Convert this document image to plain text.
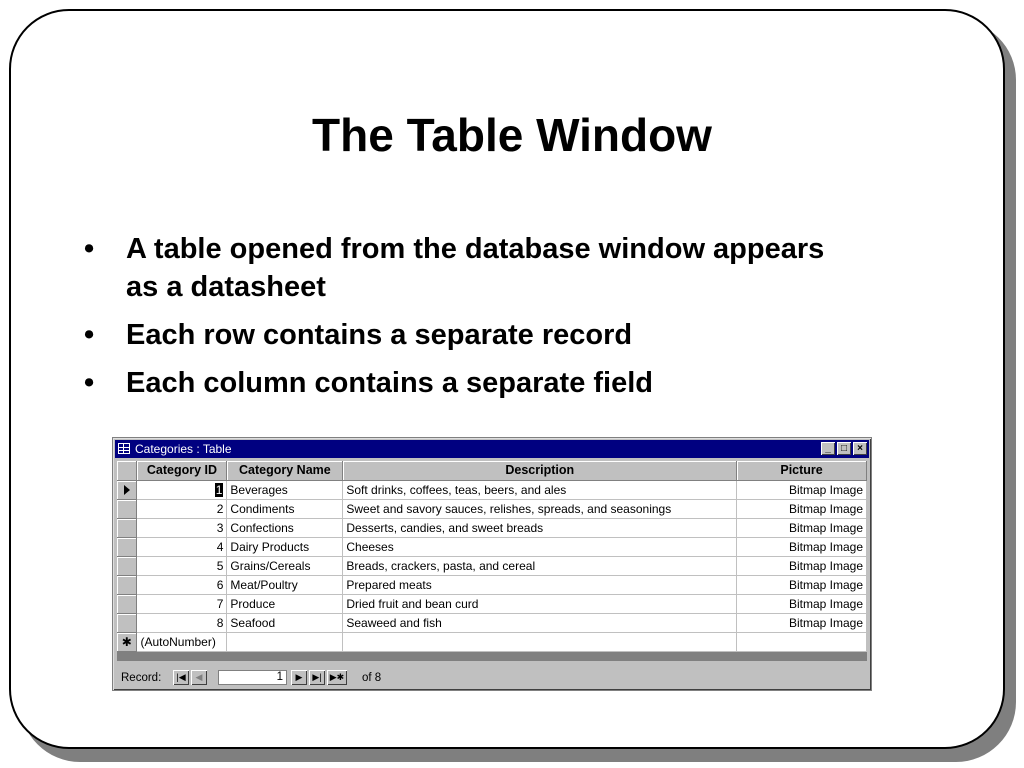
The Table Window
• A table opened from the database window appears as a datasheet
• Each row contains a separate record
• Each column contains a separate field
Categories : Table	_	□	×
	Category ID	Category Name	Description	Picture
	1	Beverages	Soft drinks, coffees, teas, beers, and ales	Bitmap Image
	2	Condiments	Sweet and savory sauces, relishes, spreads, and seasonings	Bitmap Image
	3	Confections	Desserts, candies, and sweet breads	Bitmap Image
	4	Dairy Products	Cheeses	Bitmap Image
	5	Grains/Cereals	Breads, crackers, pasta, and cereal	Bitmap Image
	6	Meat/Poultry	Prepared meats	Bitmap Image
	7	Produce	Dried fruit and bean curd	Bitmap Image
	8	Seafood	Seaweed and fish	Bitmap Image
✱	(AutoNumber)			
Record:	|◀	◀	1	▶	▶| ▶✱ of 8
